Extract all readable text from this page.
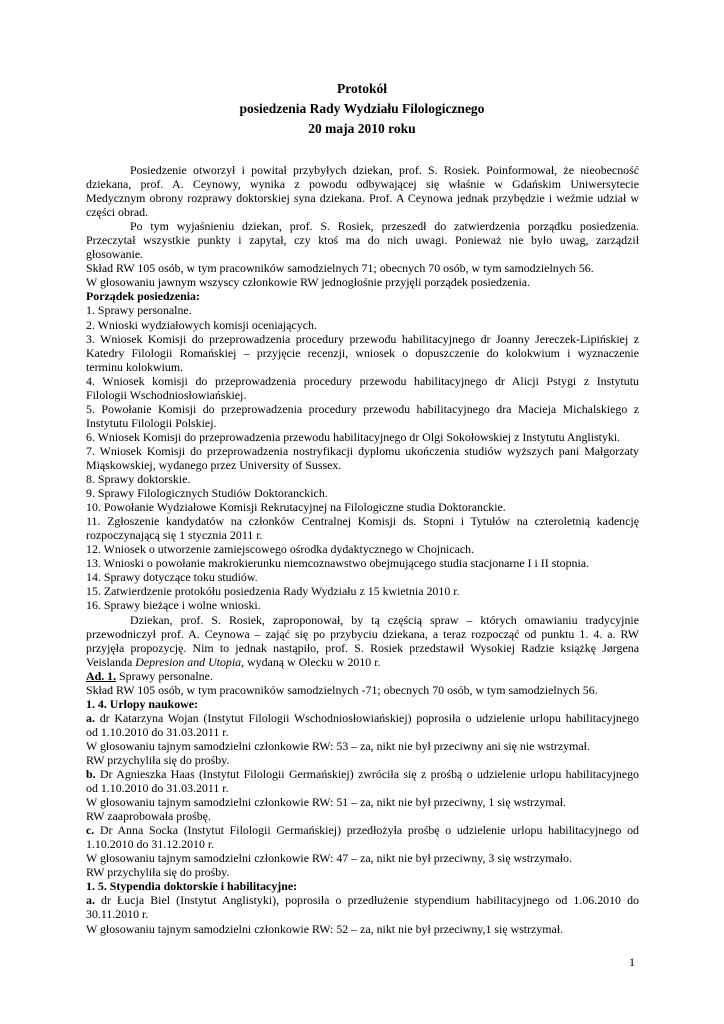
Protokół
posiedzenia Rady Wydziału Filologicznego
20 maja 2010 roku

Posiedzenie otworzył i powitał przybyłych dziekan, prof. S. Rosiek. Poinformował, że nieobecność

dziekana, prof. A. Ceynowy, wynika z powodu odbywającej się właśnie w Gdańskim Uniwersytecie

Medycznym obrony rozprawy doktorskiej syna dziekana. Prof. A Ceynowa jednak przybędzie i weźmie udział w

części obrad.

Po tym wyjaśnieniu dziekan, prof. S. Rosiek, przeszedł do zatwierdzenia porządku posiedzenia.

Przeczytał wszystkie punkty i zapytał, czy ktoś ma do nich uwagi. Ponieważ nie było uwag, zarządził

głosowanie.

Skład RW 105 osób, w tym pracowników samodzielnych 71; obecnych 70 osób, w tym samodzielnych 56.

W głosowaniu jawnym wszyscy członkowie RW jednogłośnie przyjęli porządek posiedzenia.

Porządek posiedzenia:

1. Sprawy personalne.

2. Wnioski wydziałowych komisji oceniających.

3. Wniosek Komisji do przeprowadzenia procedury przewodu habilitacyjnego dr Joanny Jereczek-Lipińskiej z

Katedry Filologii Romańskiej – przyjęcie recenzji, wniosek o dopuszczenie do kolokwium i wyznaczenie

terminu kolokwium.

4. Wniosek komisji do przeprowadzenia procedury przewodu habilitacyjnego dr Alicji Pstygi z Instytutu

Filologii Wschodniosłowiańskiej.

5. Powołanie Komisji do przeprowadzenia procedury przewodu habilitacyjnego dra Macieja Michalskiego z

Instytutu Filologii Polskiej.

6. Wniosek Komisji do przeprowadzenia przewodu habilitacyjnego dr Olgi Sokołowskiej z Instytutu Anglistyki.

7. Wniosek Komisji do przeprowadzenia nostryfikacji dyplomu ukończenia studiów wyższych pani Małgorzaty

Miąskowskiej, wydanego przez University of Sussex.

8. Sprawy doktorskie.

9. Sprawy Filologicznych Studiów Doktoranckich.

10. Powołanie Wydziałowe Komisji Rekrutacyjnej na Filologiczne studia Doktoranckie.

11. Zgłoszenie kandydatów na członków Centralnej Komisji ds. Stopni i Tytułów na czteroletnią kadencję

rozpoczynającą się 1 stycznia 2011 r.

12. Wniosek o utworzenie zamiejscowego ośrodka dydaktycznego w Chojnicach.

13. Wnioski o powołanie makrokierunku niemcoznawstwo obejmującego studia stacjonarne I i II stopnia.

14. Sprawy dotyczące toku studiów.

15. Zatwierdzenie protokółu posiedzenia Rady Wydziału z 15 kwietnia 2010 r.

16. Sprawy bieżące i wolne wnioski.

Dziekan, prof. S. Rosiek, zaproponował, by tą częścią spraw – których omawianiu tradycyjnie

przewodniczył prof. A. Ceynowa – zająć się po przybyciu dziekana, a teraz rozpocząć od punktu 1. 4. a. RW

przyjęła propozycję. Nim to jednak nastąpiło, prof. S. Rosiek przedstawił Wysokiej Radzie książkę Jørgena

Veislanda Depresion and Utopia, wydaną w Olecku w 2010 r.

Ad. 1. Sprawy personalne.

Skład RW 105 osób, w tym pracowników samodzielnych -71; obecnych 70 osób, w tym samodzielnych 56.

1. 4. Urlopy naukowe:

a. dr Katarzyna Wojan (Instytut Filologii Wschodniosłowiańskiej) poprosiła o udzielenie urlopu habilitacyjnego

od 1.10.2010 do 31.03.2011 r.

W głosowaniu tajnym samodzielni członkowie RW: 53 – za, nikt nie był przeciwny ani się nie wstrzymał.

RW przychyliła się do prośby.

b. Dr Agnieszka Haas (Instytut Filologii Germańskiej) zwróciła się z prośbą o udzielenie urlopu habilitacyjnego

od 1.10.2010 do 31.03.2011 r.

W głosowaniu tajnym samodzielni członkowie RW: 51 – za, nikt nie był przeciwny, 1 się wstrzymał.

RW zaaprobowała prośbę.

c. Dr Anna Socka (Instytut Filologii Germańskiej) przedłożyła prośbę o udzielenie urlopu habilitacyjnego od

1.10.2010 do 31.12.2010 r.

W głosowaniu tajnym samodzielni członkowie RW: 47 – za, nikt nie był przeciwny, 3 się wstrzymało.

RW przychyliła się do prośby.

1. 5. Stypendia doktorskie i habilitacyjne:

a. dr Łucja Biel (Instytut Anglistyki), poprosiła o przedłużenie stypendium habilitacyjnego od 1.06.2010 do

30.11.2010 r.

W głosowaniu tajnym samodzielni członkowie RW: 52 – za, nikt nie był przeciwny,1 się wstrzymał.

1
